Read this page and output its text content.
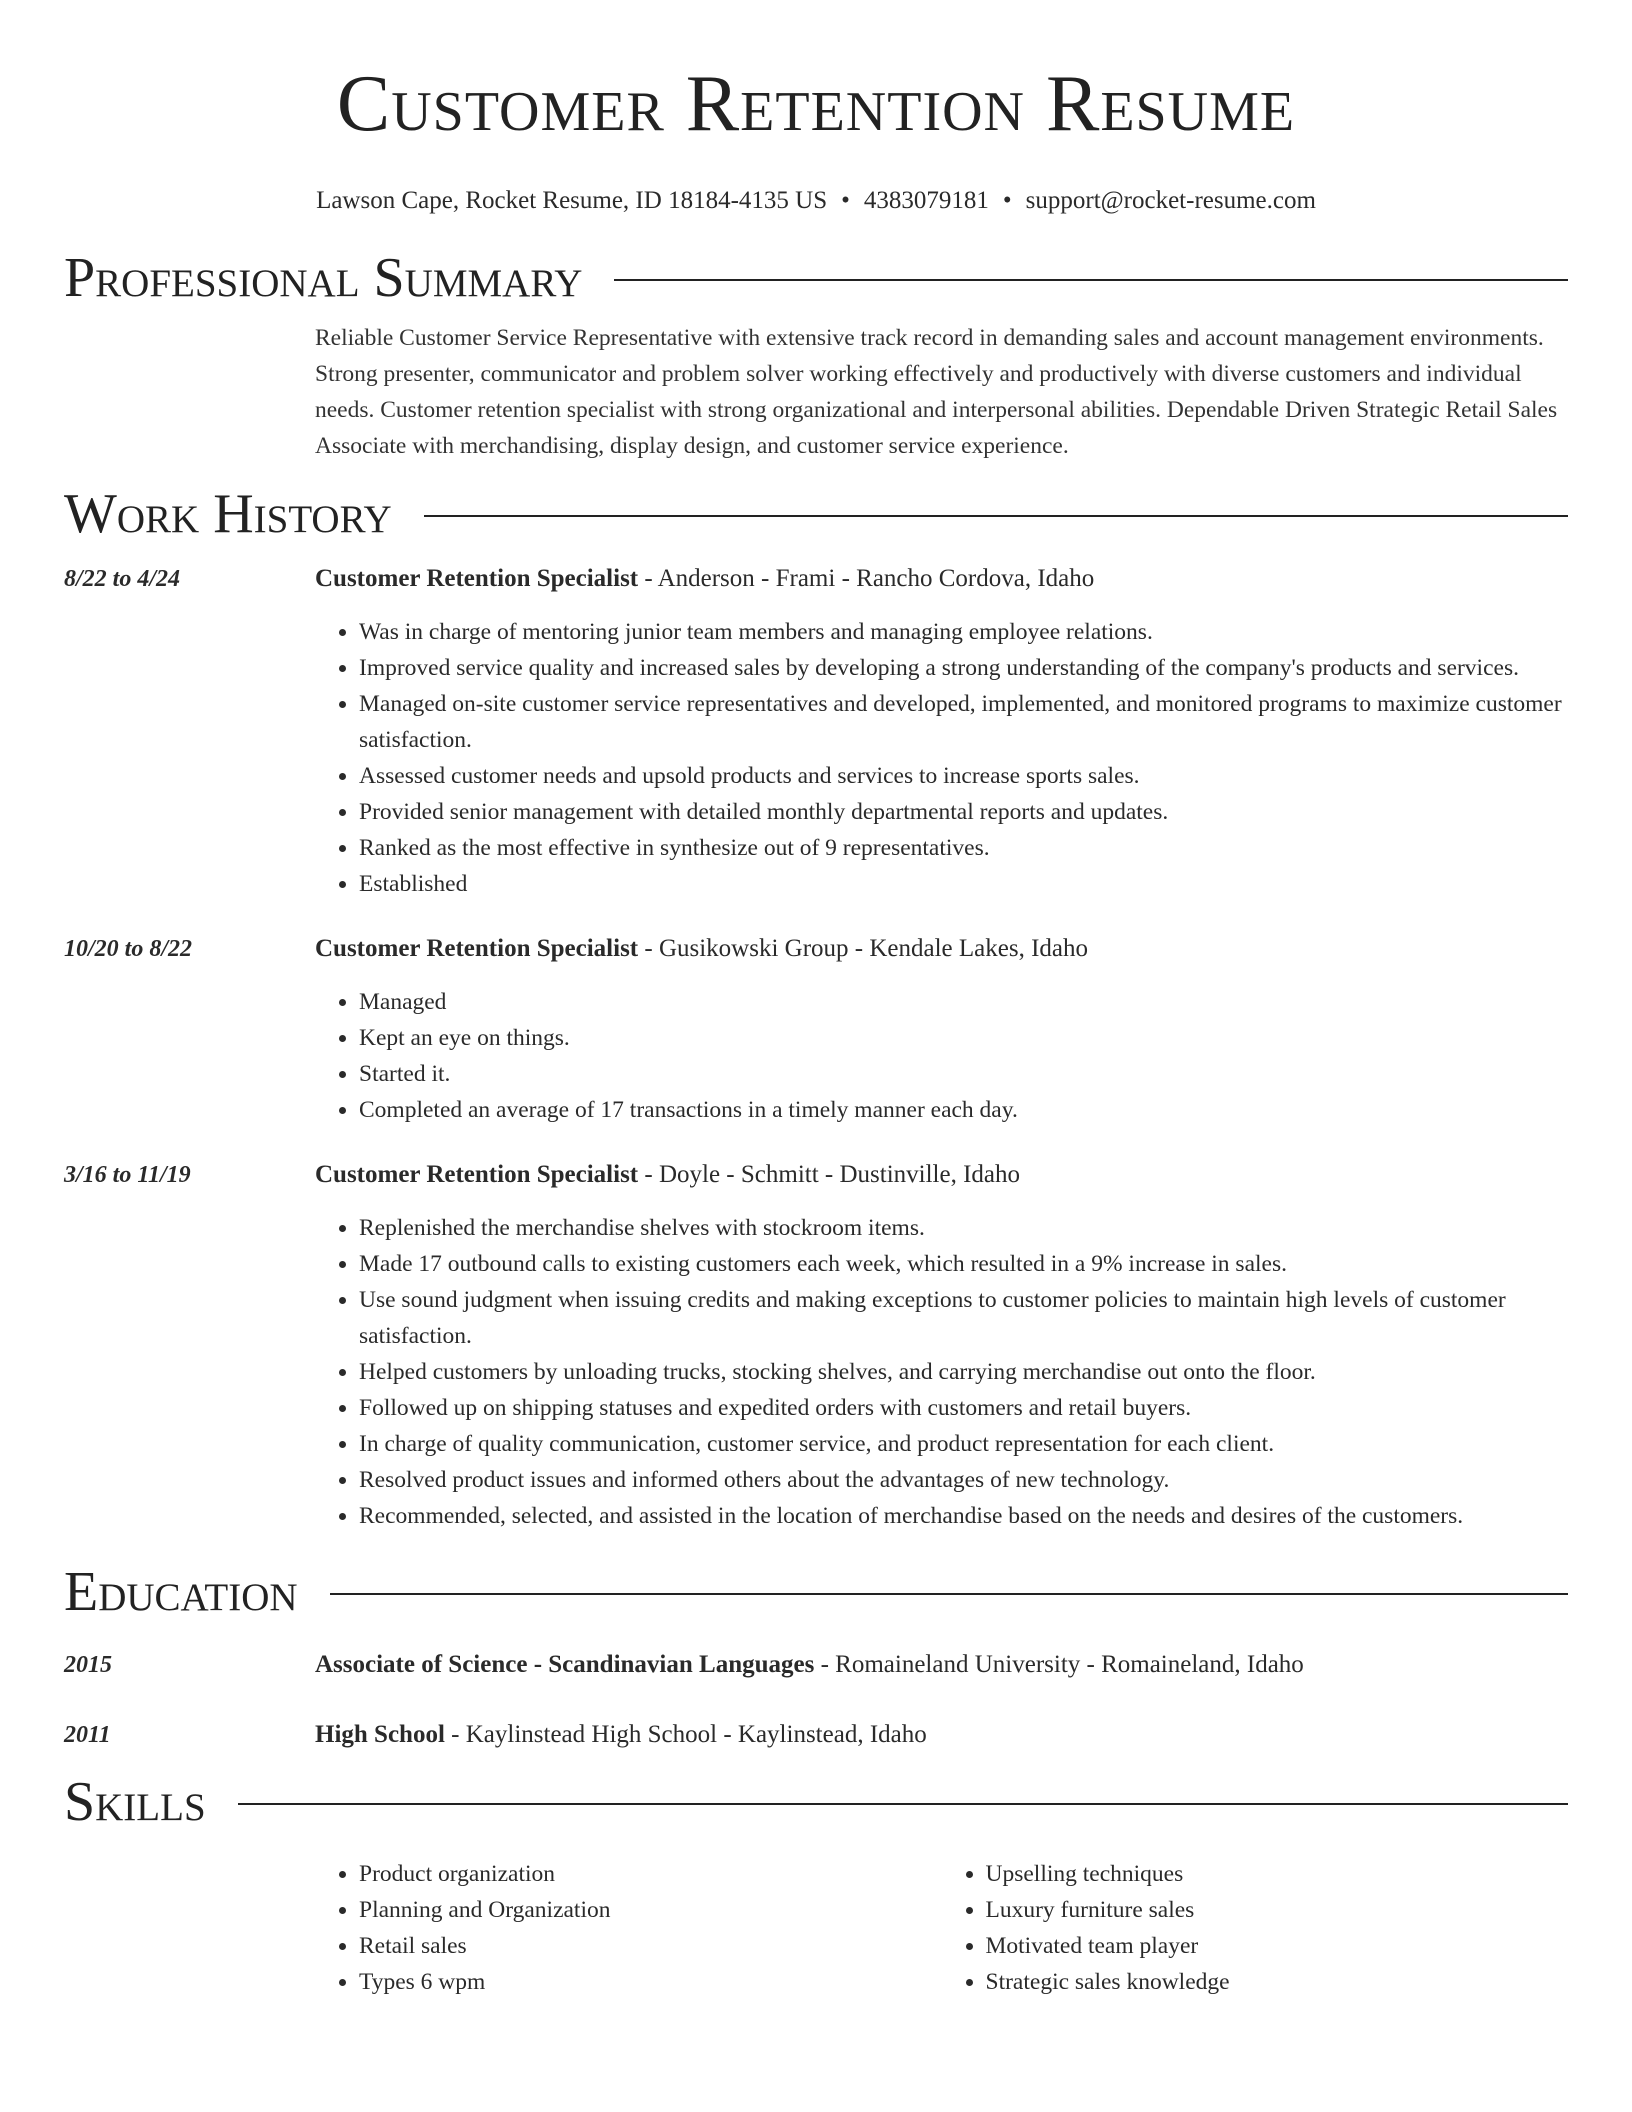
Customer Retention Resume
Lawson Cape, Rocket Resume, ID 18184-4135 US • 4383079181 • support@rocket-resume.com
Professional Summary
Reliable Customer Service Representative with extensive track record in demanding sales and account management environments. Strong presenter, communicator and problem solver working effectively and productively with diverse customers and individual needs. Customer retention specialist with strong organizational and interpersonal abilities. Dependable Driven Strategic Retail Sales Associate with merchandising, display design, and customer service experience.
Work History
8/22 to 4/24	Customer Retention Specialist - Anderson - Frami - Rancho Cordova, Idaho
• Was in charge of mentoring junior team members and managing employee relations.
• Improved service quality and increased sales by developing a strong understanding of the company's products and services.
• Managed on-site customer service representatives and developed, implemented, and monitored programs to maximize customer satisfaction.
• Assessed customer needs and upsold products and services to increase sports sales.
• Provided senior management with detailed monthly departmental reports and updates.
• Ranked as the most effective in synthesize out of 9 representatives.
• Established
10/20 to 8/22	Customer Retention Specialist - Gusikowski Group - Kendale Lakes, Idaho
• Managed
• Kept an eye on things.
• Started it.
• Completed an average of 17 transactions in a timely manner each day.
3/16 to 11/19	Customer Retention Specialist - Doyle - Schmitt - Dustinville, Idaho
• Replenished the merchandise shelves with stockroom items.
• Made 17 outbound calls to existing customers each week, which resulted in a 9% increase in sales.
• Use sound judgment when issuing credits and making exceptions to customer policies to maintain high levels of customer satisfaction.
• Helped customers by unloading trucks, stocking shelves, and carrying merchandise out onto the floor.
• Followed up on shipping statuses and expedited orders with customers and retail buyers.
• In charge of quality communication, customer service, and product representation for each client.
• Resolved product issues and informed others about the advantages of new technology.
• Recommended, selected, and assisted in the location of merchandise based on the needs and desires of the customers.
Education
2015	Associate of Science - Scandinavian Languages - Romaineland University - Romaineland, Idaho
2011	High School - Kaylinstead High School - Kaylinstead, Idaho
Skills
• Product organization
• Planning and Organization
• Retail sales
• Types 6 wpm
• Upselling techniques
• Luxury furniture sales
• Motivated team player
• Strategic sales knowledge
